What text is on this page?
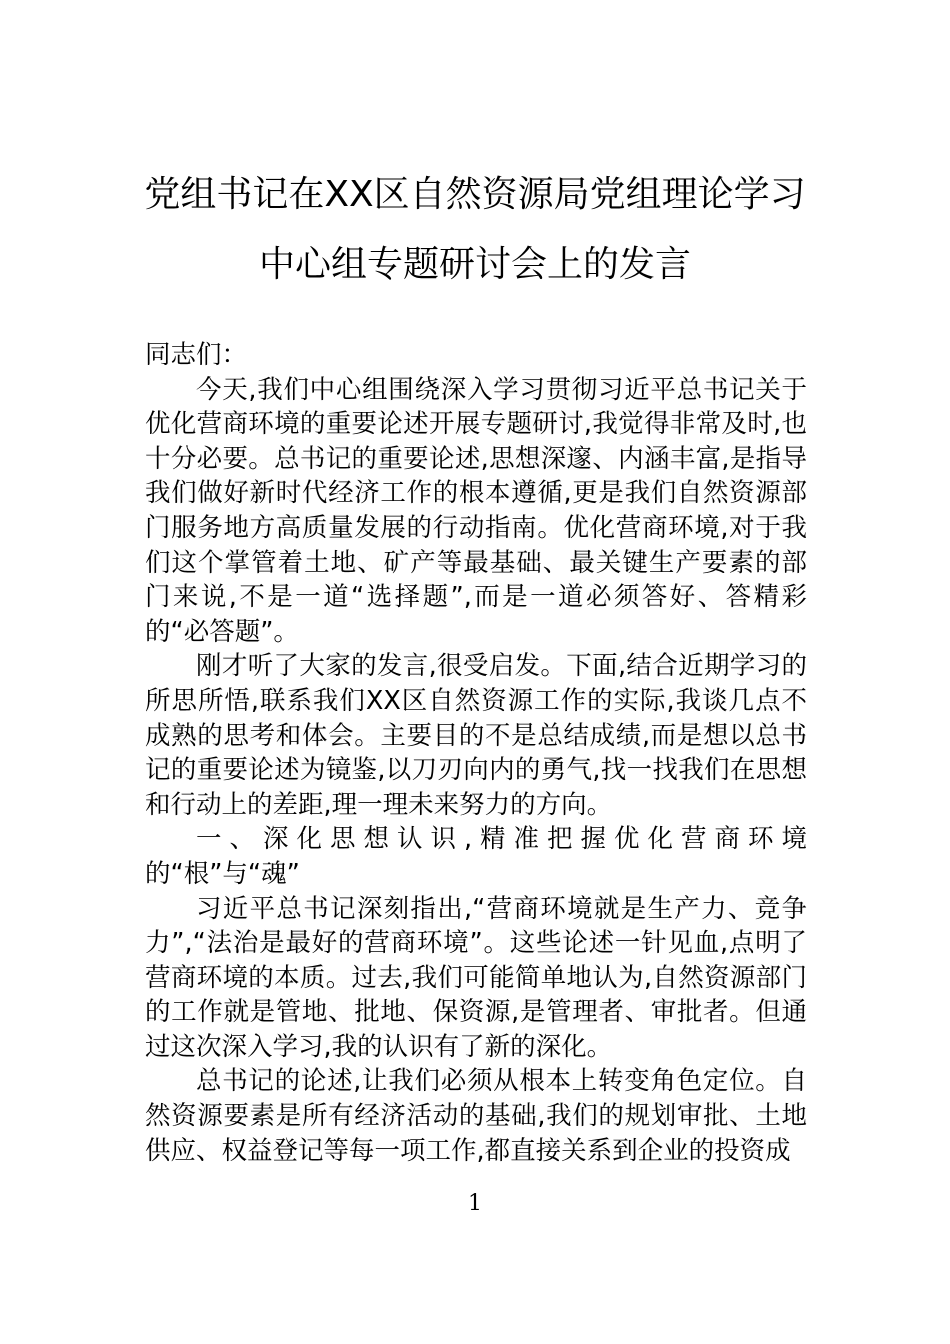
党组书记在XX区自然资源局党组理论学习
中心组专题研讨会上的发言

同志们：

今天,我们中心组围绕深入学习贯彻习近平总书记关于优化营商环境的重要论述开展专题研讨,我觉得非常及时,也十分必要。总书记的重要论述,思想深邃、内涵丰富,是指导我们做好新时代经济工作的根本遵循,更是我们自然资源部门服务地方高质量发展的行动指南。优化营商环境,对于我们这个掌管着土地、矿产等最基础、最关键生产要素的部门来说,不是一道“选择题”,而是一道必须答好、答精彩的“必答题”。

刚才听了大家的发言,很受启发。下面,结合近期学习的所思所悟,联系我们XX区自然资源工作的实际,我谈几点不成熟的思考和体会。主要目的不是总结成绩,而是想以总书记的重要论述为镜鉴,以刀刃向内的勇气,找一找我们在思想和行动上的差距,理一理未来努力的方向。

一、深化思想认识,精准把握优化营商环境的“根”与“魂”

习近平总书记深刻指出,“营商环境就是生产力、竞争力”,“法治是最好的营商环境”。这些论述一针见血,点明了营商环境的本质。过去,我们可能简单地认为,自然资源部门的工作就是管地、批地、保资源,是管理者、审批者。但通过这次深入学习,我的认识有了新的深化。

总书记的论述,让我们必须从根本上转变角色定位。自然资源要素是所有经济活动的基础,我们的规划审批、土地供应、权益登记等每一项工作,都直接关系到企业的投资成

1
